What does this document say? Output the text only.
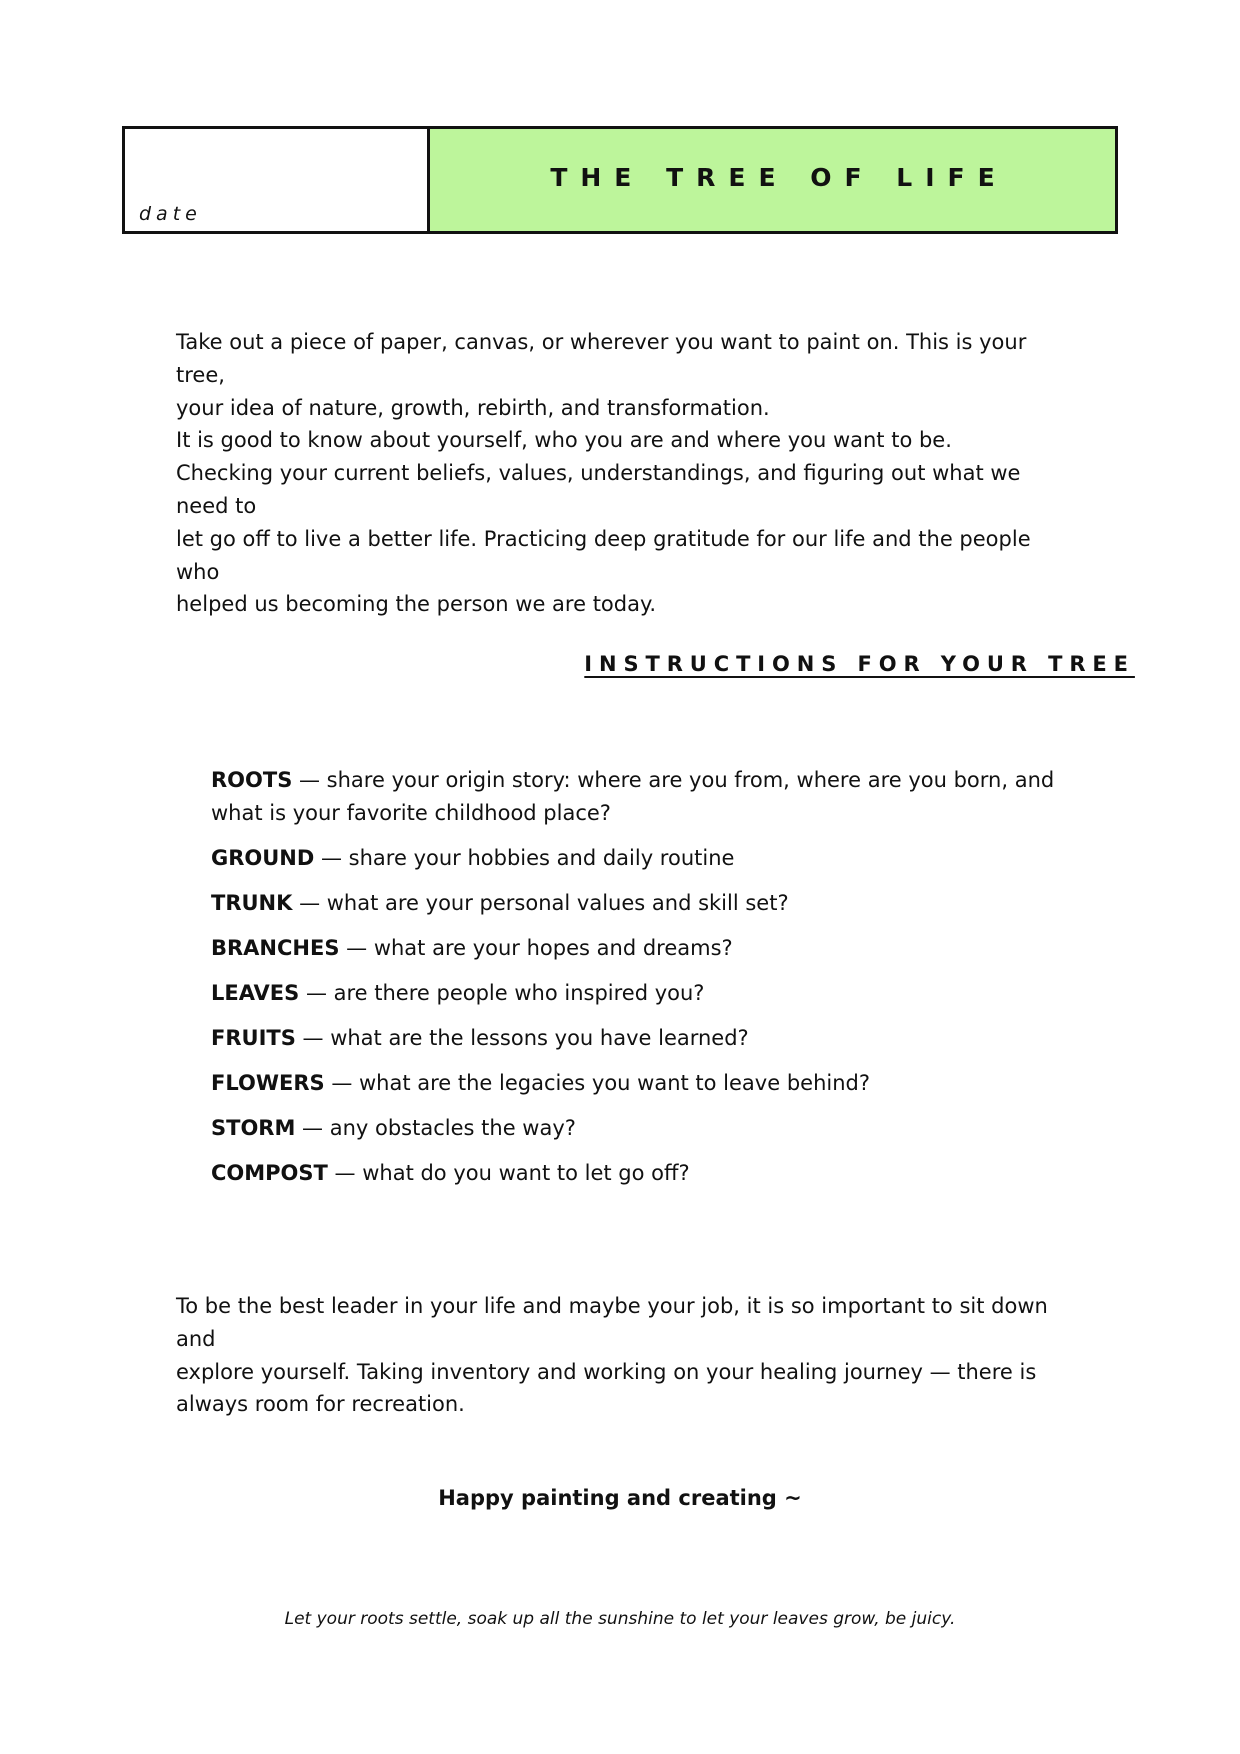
date
THE TREE OF LIFE

Take out a piece of paper, canvas, or wherever you want to paint on. This is your tree,

your idea of nature, growth, rebirth, and transformation.

It is good to know about yourself, who you are and where you want to be.

Checking your current beliefs, values, understandings, and figuring out what we need to

let go off to live a better life. Practicing deep gratitude for our life and the people who

helped us becoming the person we are today.

INSTRUCTIONS FOR YOUR TREE
ROOTS — share your origin story: where are you from, where are you born, and what is your favorite childhood place?
GROUND — share your hobbies and daily routine
TRUNK — what are your personal values and skill set?
BRANCHES — what are your hopes and dreams?
LEAVES — are there people who inspired you?
FRUITS — what are the lessons you have learned?
FLOWERS — what are the legacies you want to leave behind?
STORM — any obstacles the way?
COMPOST — what do you want to let go off?

To be the best leader in your life and maybe your job, it is so important to sit down and

explore yourself. Taking inventory and working on your healing journey — there is

always room for recreation.

Happy painting and creating ~
Let your roots settle, soak up all the sunshine to let your leaves grow, be juicy.
